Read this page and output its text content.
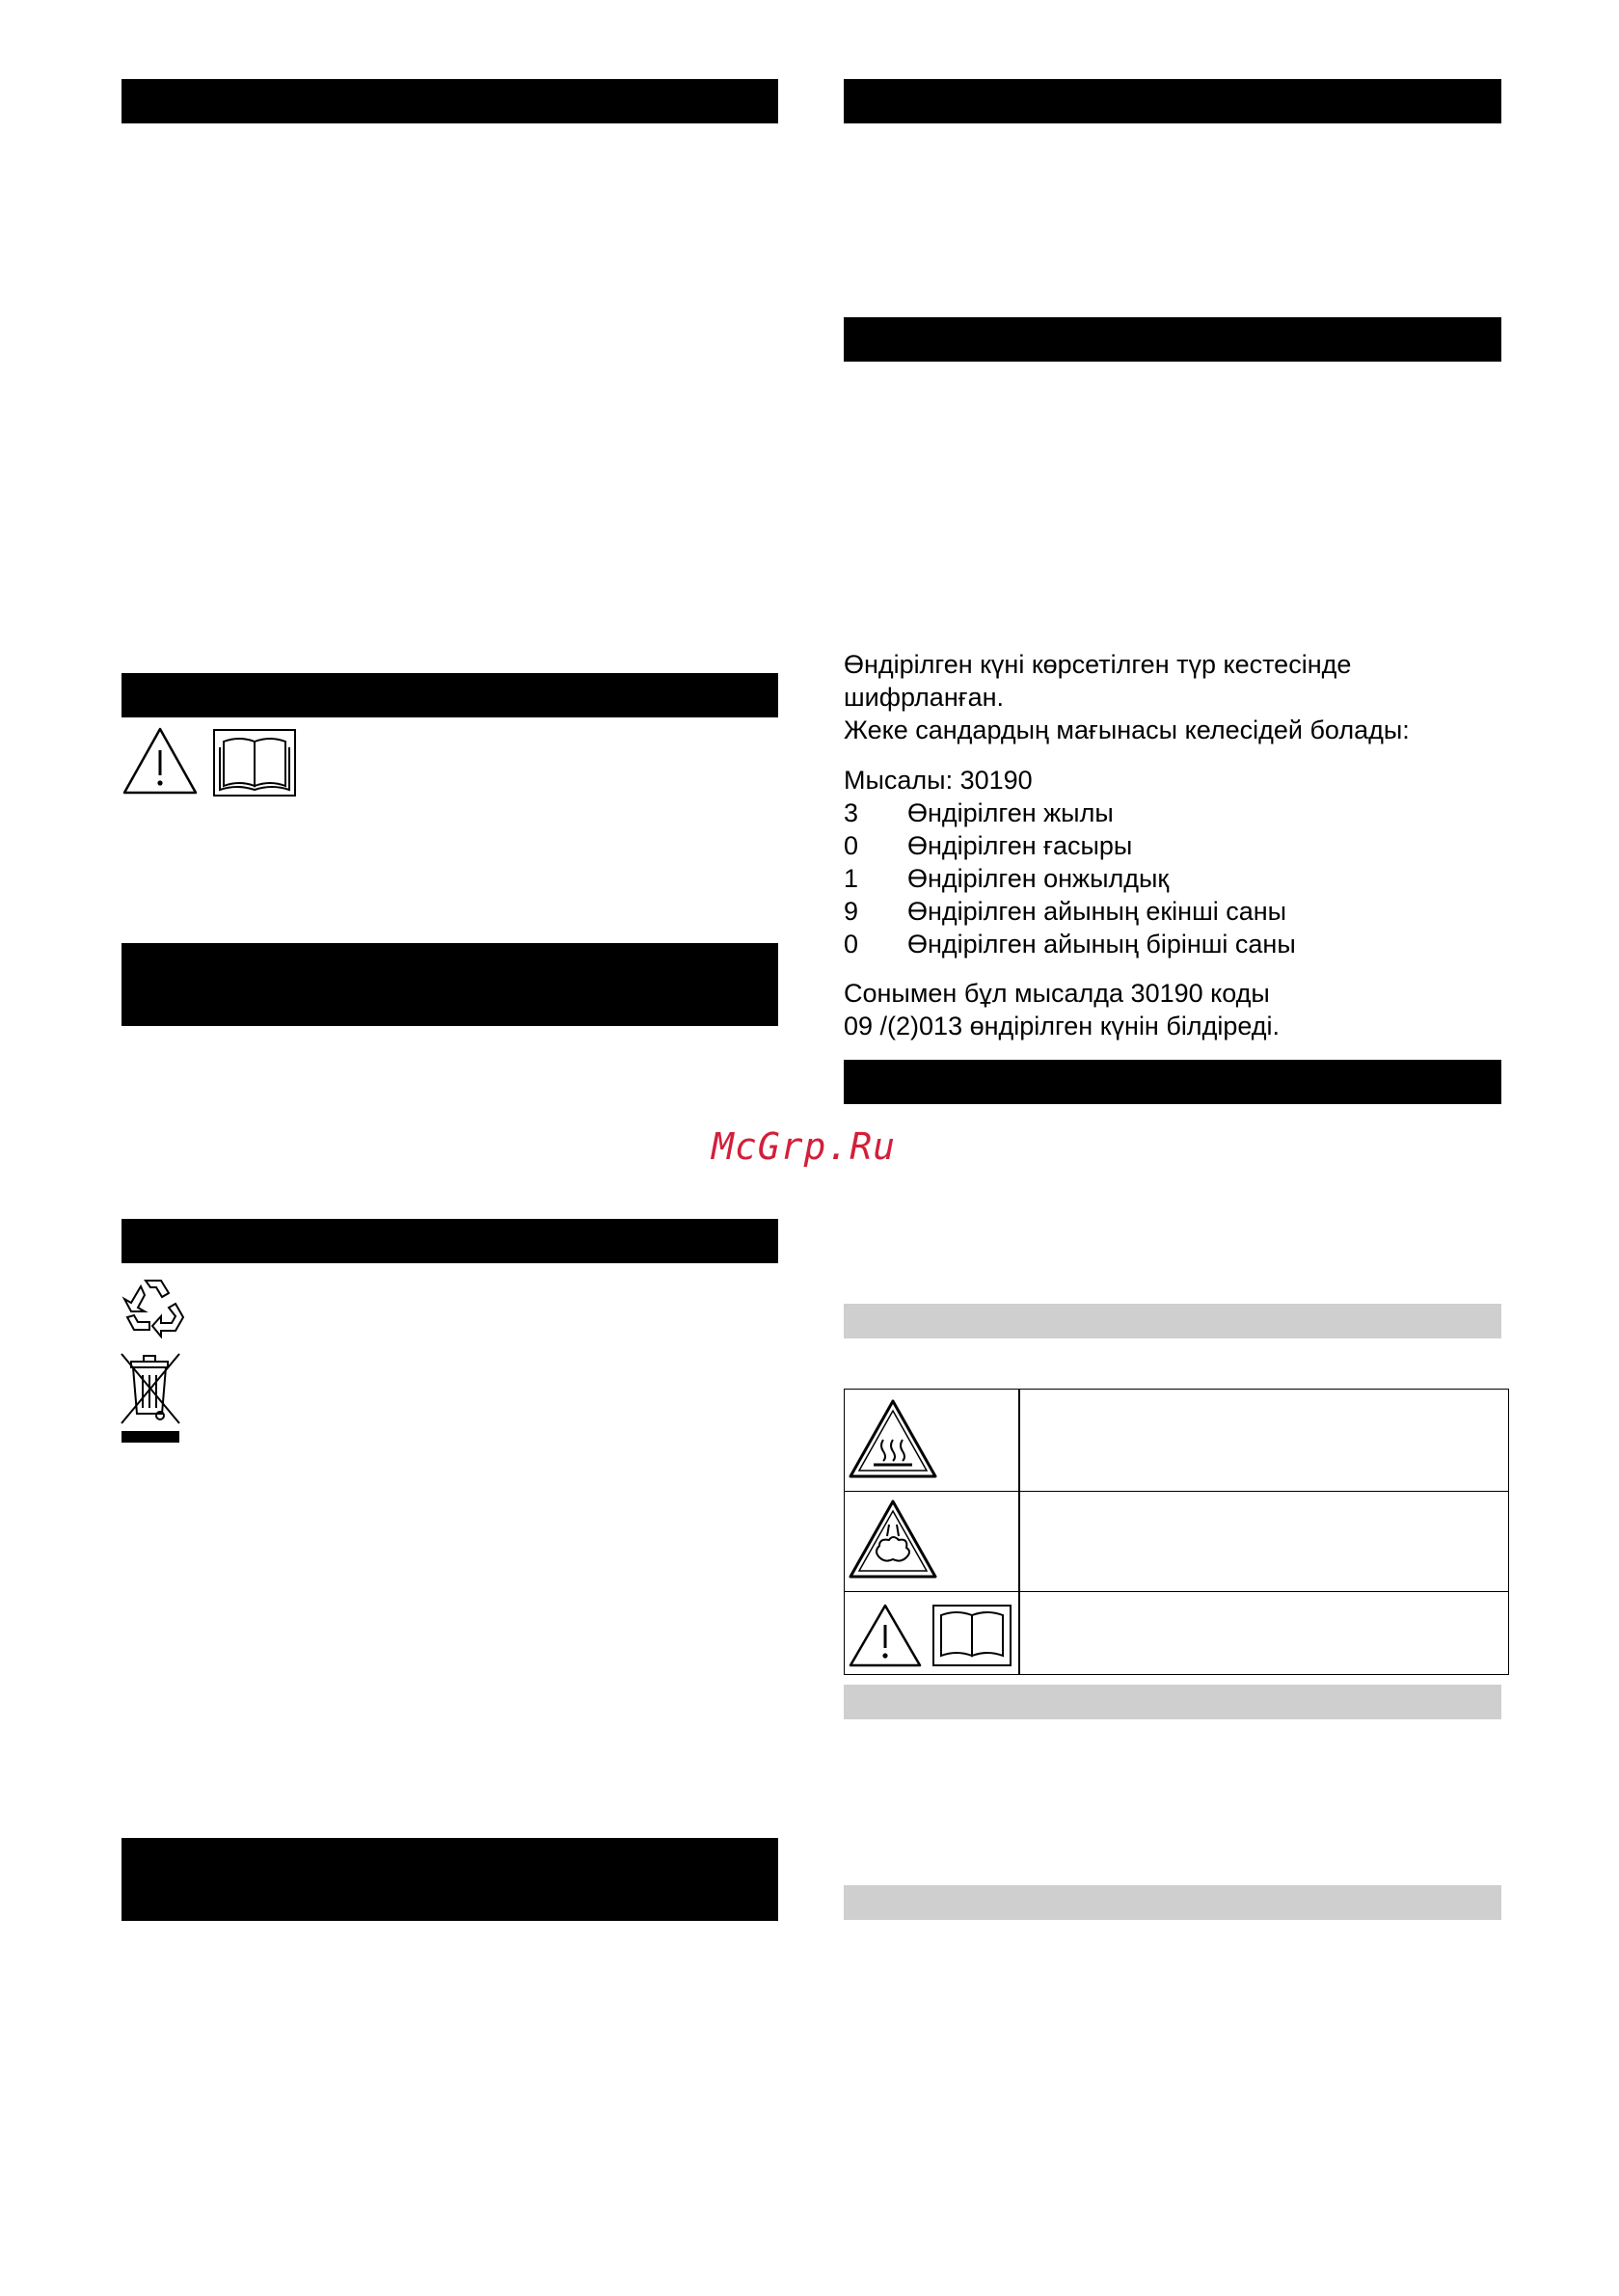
Өндірілген күні көрсетілген түр кестесінде
шифрланған.
Жеке сандардың мағынасы келесідей болады:
Мысалы: 30190
3	Өндірілген жылы
0	Өндірілген ғасыры
1	Өндірілген онжылдық
9	Өндірілген айының екінші саны
0	Өндірілген айының бірінші саны
Сонымен бұл мысалда 30190 коды
09 /(2)013 өндірілген күнін білдіреді.
McGrp.Ru
